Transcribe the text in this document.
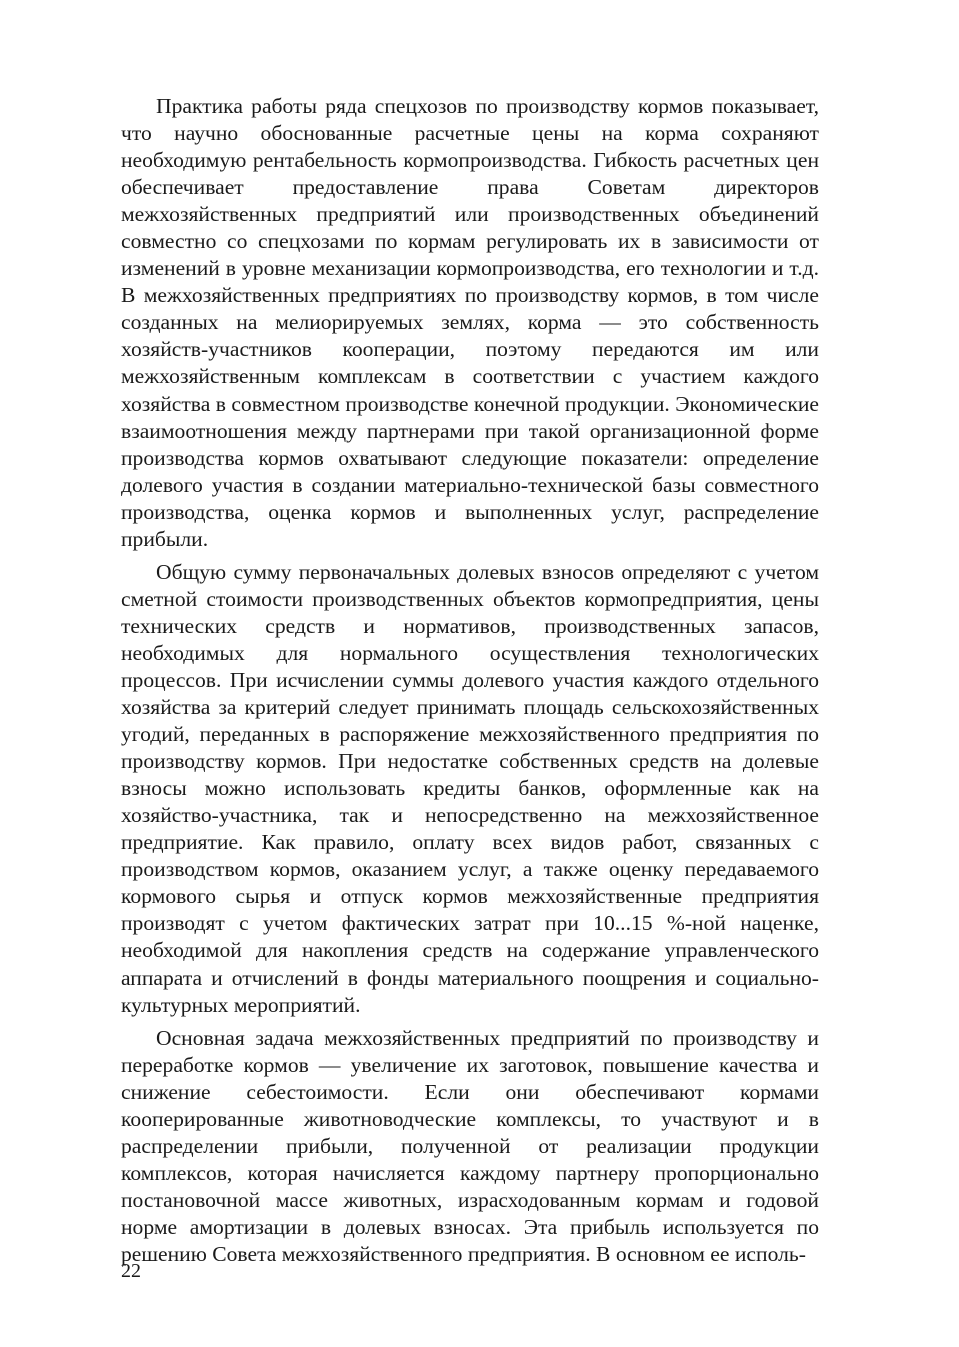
Практика работы ряда спецхозов по производству кормов показывает, что научно обоснованные расчетные цены на корма сохраняют необходимую рентабельность кормопроизводства. Гибкость расчетных цен обеспечивает предоставление права Советам директоров межхозяйственных предприятий или производственных объединений совместно со спецхозами по кормам регулировать их в зависимости от изменений в уровне механизации кормопроизводства, его технологии и т.д. В межхозяйственных предприятиях по производству кормов, в том числе созданных на мелиорируемых землях, корма — это собственность хозяйств-участников кооперации, поэтому передаются им или межхозяйственным комплексам в соответствии с участием каждого хозяйства в совместном производстве конечной продукции. Экономические взаимоотношения между партнерами при такой организационной форме производства кормов охватывают следующие показатели: определение долевого участия в создании материально-технической базы совместного производства, оценка кормов и выполненных услуг, распределение прибыли.

Общую сумму первоначальных долевых взносов определяют с учетом сметной стоимости производственных объектов кормопредприятия, цены технических средств и нормативов, производственных запасов, необходимых для нормального осуществления технологических процессов. При исчислении суммы долевого участия каждого отдельного хозяйства за критерий следует принимать площадь сельскохозяйственных угодий, переданных в распоряжение межхозяйственного предприятия по производству кормов. При недостатке собственных средств на долевые взносы можно использовать кредиты банков, оформленные как на хозяйство-участника, так и непосредственно на межхозяйственное предприятие. Как правило, оплату всех видов работ, связанных с производством кормов, оказанием услуг, а также оценку передаваемого кормового сырья и отпуск кормов межхозяйственные предприятия производят с учетом фактических затрат при 10...15 %-ной наценке, необходимой для накопления средств на содержание управленческого аппарата и отчислений в фонды материального поощрения и социально-культурных мероприятий.

Основная задача межхозяйственных предприятий по производству и переработке кормов — увеличение их заготовок, повышение качества и снижение себестоимости. Если они обеспечивают кормами кооперированные животноводческие комплексы, то участвуют и в распределении прибыли, полученной от реализации продукции комплексов, которая начисляется каждому партнеру пропорционально постановочной массе животных, израсходованным кормам и годовой норме амортизации в долевых взносах. Эта прибыль используется по решению Совета межхозяйственного предприятия. В основном ее исполь-

22
